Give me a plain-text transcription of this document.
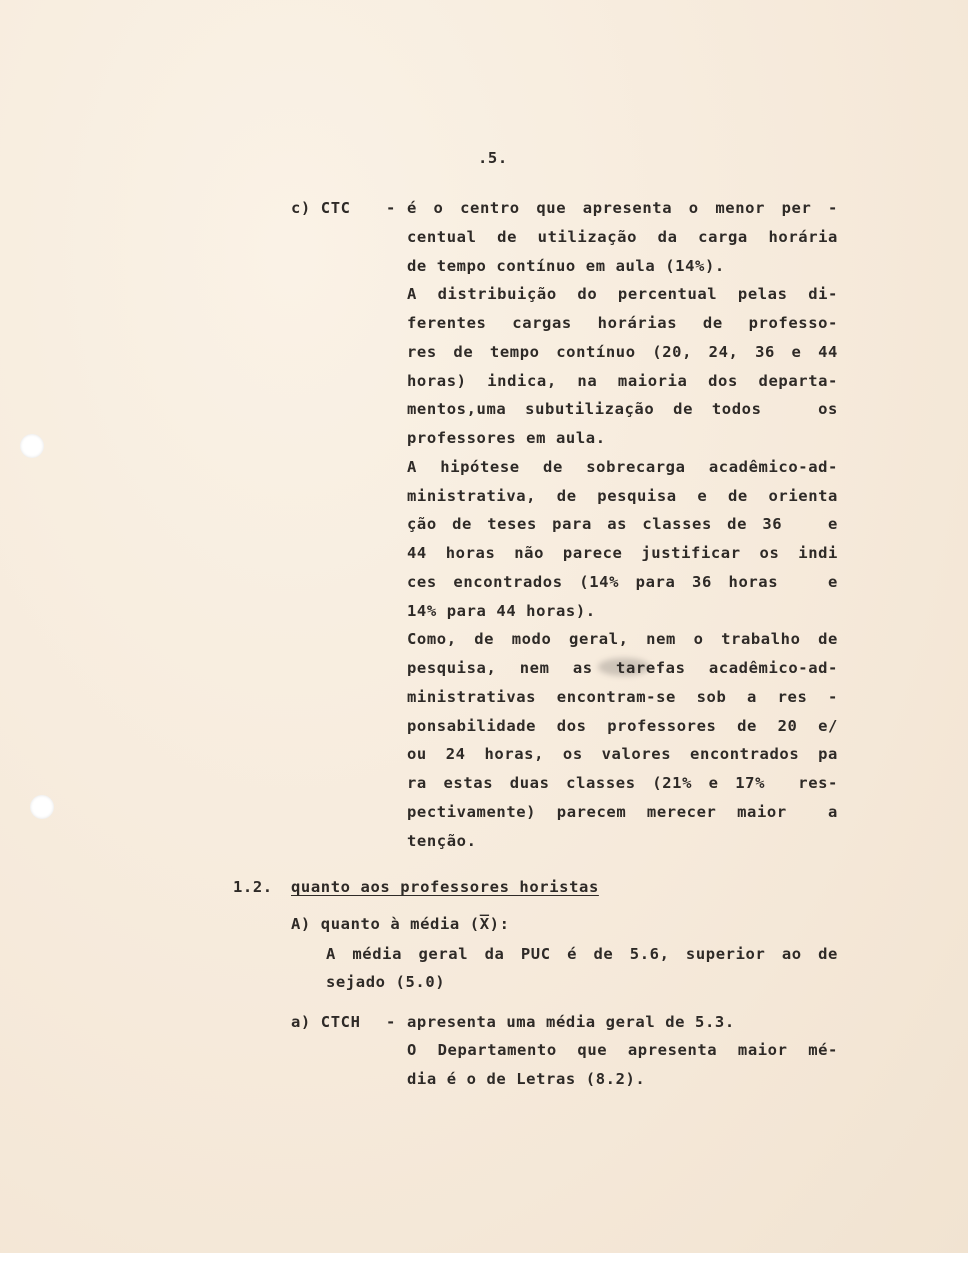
.5.
c) CTC - é o centro que apresenta o menor per -
centual de utilização da carga horária
de tempo contínuo em aula (14%).
A distribuição do percentual pelas di-
ferentes cargas horárias de professo-
res de tempo contínuo (20, 24, 36 e 44
horas) indica, na maioria dos departa-
mentos,uma subutilização de todos   os
professores em aula.
A hipótese de sobrecarga acadêmico-ad-
ministrativa, de pesquisa e de orienta
ção de teses para as classes de 36   e
44 horas não parece justificar os indi
ces encontrados (14% para 36 horas   e
14% para 44 horas).
Como, de modo geral, nem o trabalho de
pesquisa, nem as tarefas acadêmico-ad-
ministrativas encontram-se sob a res -
ponsabilidade dos professores de 20 e/
ou 24 horas, os valores encontrados pa
ra estas duas classes (21% e 17%  res-
pectivamente) parecem merecer maior  a
tenção.
1.2. quanto aos professores horistas
A) quanto à média (X̅):
A média geral da PUC é de 5.6, superior ao de
sejado (5.0)
a) CTCH - apresenta uma média geral de 5.3.
O Departamento que apresenta maior mé-
dia é o de Letras (8.2).
